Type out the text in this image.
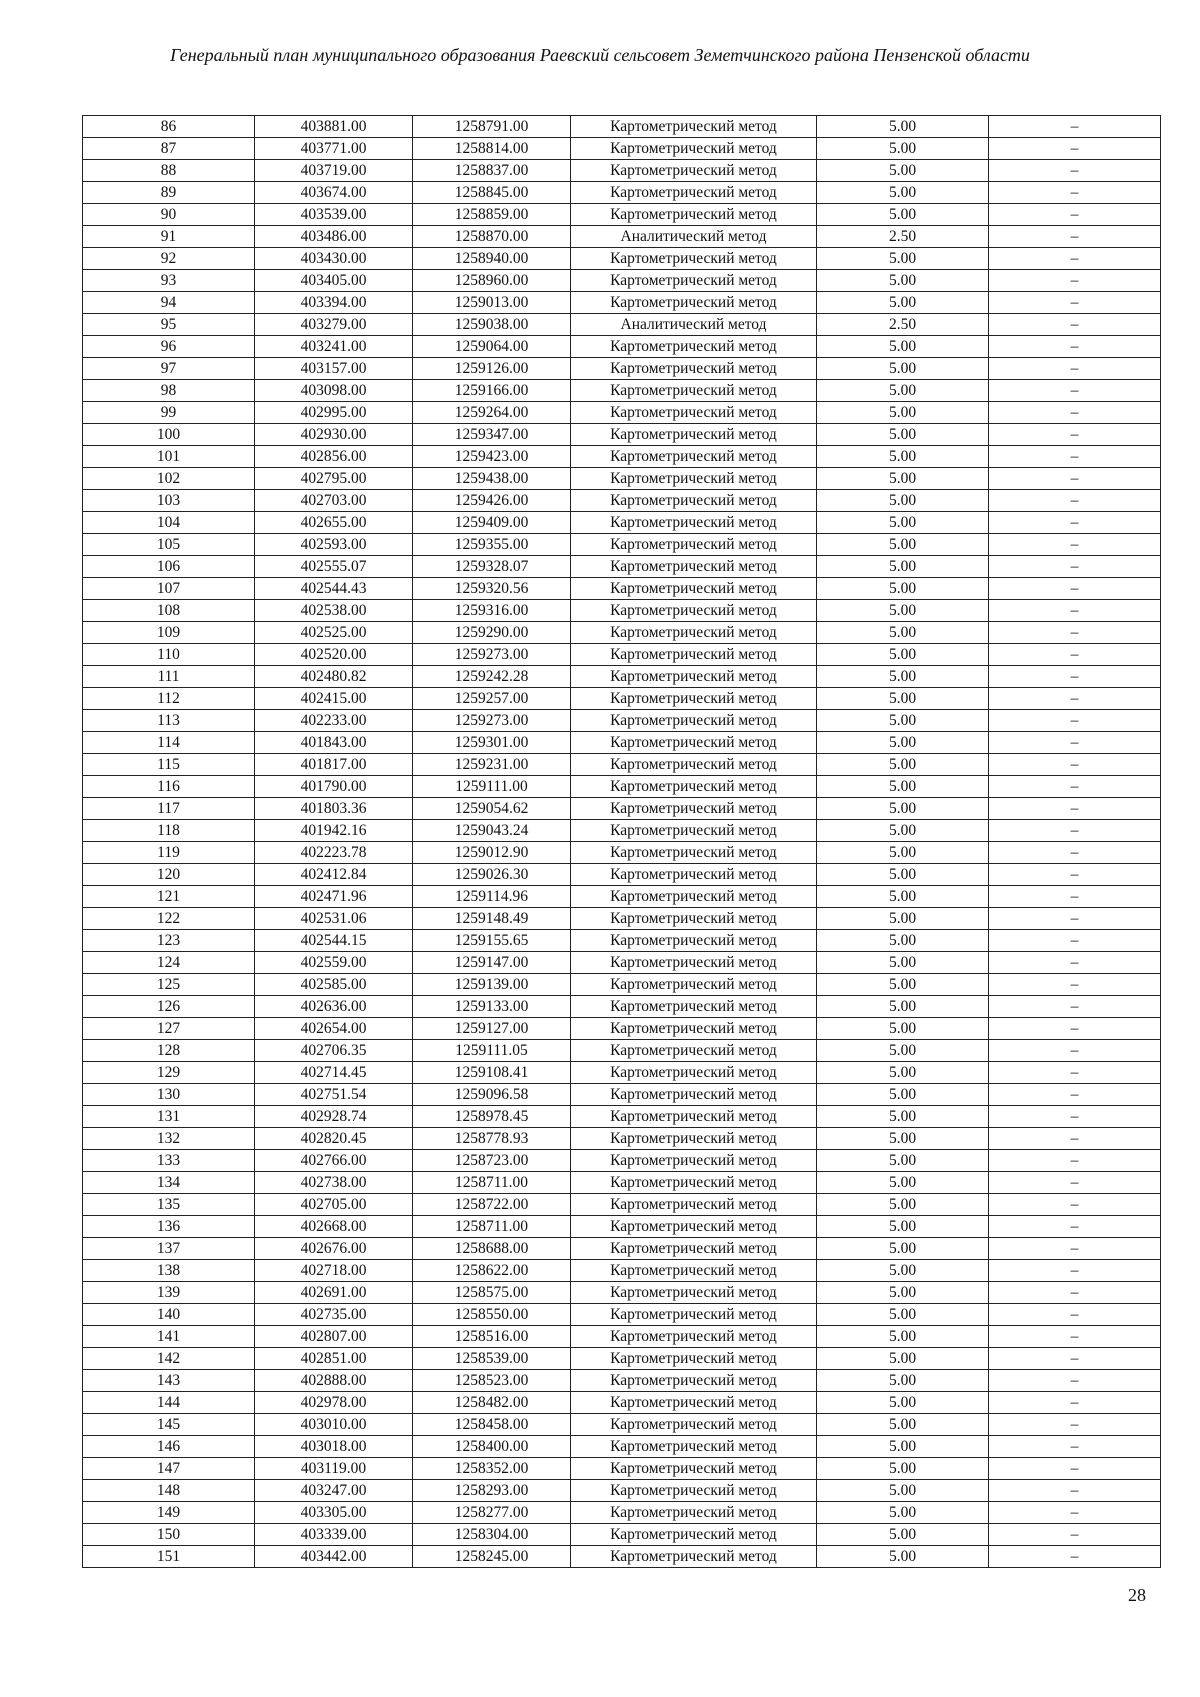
Генеральный план муниципального образования Раевский сельсовет Земетчинского района Пензенской области
86	403881.00	1258791.00	Картометрический метод	5.00	–
87	403771.00	1258814.00	Картометрический метод	5.00	–
88	403719.00	1258837.00	Картометрический метод	5.00	–
89	403674.00	1258845.00	Картометрический метод	5.00	–
90	403539.00	1258859.00	Картометрический метод	5.00	–
91	403486.00	1258870.00	Аналитический метод	2.50	–
92	403430.00	1258940.00	Картометрический метод	5.00	–
93	403405.00	1258960.00	Картометрический метод	5.00	–
94	403394.00	1259013.00	Картометрический метод	5.00	–
95	403279.00	1259038.00	Аналитический метод	2.50	–
96	403241.00	1259064.00	Картометрический метод	5.00	–
97	403157.00	1259126.00	Картометрический метод	5.00	–
98	403098.00	1259166.00	Картометрический метод	5.00	–
99	402995.00	1259264.00	Картометрический метод	5.00	–
100	402930.00	1259347.00	Картометрический метод	5.00	–
101	402856.00	1259423.00	Картометрический метод	5.00	–
102	402795.00	1259438.00	Картометрический метод	5.00	–
103	402703.00	1259426.00	Картометрический метод	5.00	–
104	402655.00	1259409.00	Картометрический метод	5.00	–
105	402593.00	1259355.00	Картометрический метод	5.00	–
106	402555.07	1259328.07	Картометрический метод	5.00	–
107	402544.43	1259320.56	Картометрический метод	5.00	–
108	402538.00	1259316.00	Картометрический метод	5.00	–
109	402525.00	1259290.00	Картометрический метод	5.00	–
110	402520.00	1259273.00	Картометрический метод	5.00	–
111	402480.82	1259242.28	Картометрический метод	5.00	–
112	402415.00	1259257.00	Картометрический метод	5.00	–
113	402233.00	1259273.00	Картометрический метод	5.00	–
114	401843.00	1259301.00	Картометрический метод	5.00	–
115	401817.00	1259231.00	Картометрический метод	5.00	–
116	401790.00	1259111.00	Картометрический метод	5.00	–
117	401803.36	1259054.62	Картометрический метод	5.00	–
118	401942.16	1259043.24	Картометрический метод	5.00	–
119	402223.78	1259012.90	Картометрический метод	5.00	–
120	402412.84	1259026.30	Картометрический метод	5.00	–
121	402471.96	1259114.96	Картометрический метод	5.00	–
122	402531.06	1259148.49	Картометрический метод	5.00	–
123	402544.15	1259155.65	Картометрический метод	5.00	–
124	402559.00	1259147.00	Картометрический метод	5.00	–
125	402585.00	1259139.00	Картометрический метод	5.00	–
126	402636.00	1259133.00	Картометрический метод	5.00	–
127	402654.00	1259127.00	Картометрический метод	5.00	–
128	402706.35	1259111.05	Картометрический метод	5.00	–
129	402714.45	1259108.41	Картометрический метод	5.00	–
130	402751.54	1259096.58	Картометрический метод	5.00	–
131	402928.74	1258978.45	Картометрический метод	5.00	–
132	402820.45	1258778.93	Картометрический метод	5.00	–
133	402766.00	1258723.00	Картометрический метод	5.00	–
134	402738.00	1258711.00	Картометрический метод	5.00	–
135	402705.00	1258722.00	Картометрический метод	5.00	–
136	402668.00	1258711.00	Картометрический метод	5.00	–
137	402676.00	1258688.00	Картометрический метод	5.00	–
138	402718.00	1258622.00	Картометрический метод	5.00	–
139	402691.00	1258575.00	Картометрический метод	5.00	–
140	402735.00	1258550.00	Картометрический метод	5.00	–
141	402807.00	1258516.00	Картометрический метод	5.00	–
142	402851.00	1258539.00	Картометрический метод	5.00	–
143	402888.00	1258523.00	Картометрический метод	5.00	–
144	402978.00	1258482.00	Картометрический метод	5.00	–
145	403010.00	1258458.00	Картометрический метод	5.00	–
146	403018.00	1258400.00	Картометрический метод	5.00	–
147	403119.00	1258352.00	Картометрический метод	5.00	–
148	403247.00	1258293.00	Картометрический метод	5.00	–
149	403305.00	1258277.00	Картометрический метод	5.00	–
150	403339.00	1258304.00	Картометрический метод	5.00	–
151	403442.00	1258245.00	Картометрический метод	5.00	–
28
